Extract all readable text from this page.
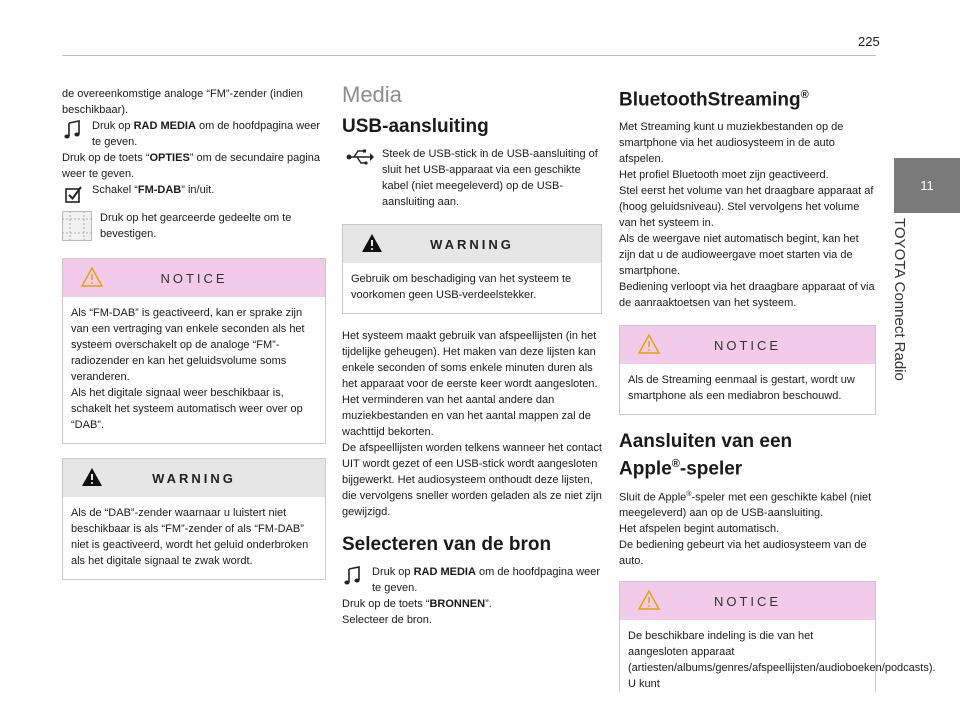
225
11
TOYOTA Connect Radio

de overeenkomstige analoge “FM”-zender (indien beschikbaar).

Druk op RAD MEDIA om de hoofdpagina weer te geven.

Druk op de toets “OPTIES” om de secundaire pagina weer te geven.

Schakel “FM-DAB” in/uit.

Druk op het gearceerde gedeelte om te bevestigen.

NOTICE

Als “FM-DAB” is geactiveerd, kan er sprake zijn van een vertraging van enkele seconden als het systeem overschakelt op de analoge “FM”-radiozender en kan het geluidsvolume soms veranderen.

Als het digitale signaal weer beschikbaar is, schakelt het systeem automatisch weer over op “DAB”.

WARNING

Als de “DAB”-zender waarnaar u luistert niet beschikbaar is als “FM”-zender of als “FM-DAB” niet is geactiveerd, wordt het geluid onderbroken als het digitale signaal te zwak wordt.

Media
USB-aansluiting

Steek de USB-stick in de USB-aansluiting of sluit het USB-apparaat via een geschikte kabel (niet meegeleverd) op de USB-aansluiting aan.

WARNING

Gebruik om beschadiging van het systeem te voorkomen geen USB-verdeelstekker.

Het systeem maakt gebruik van afspeellijsten (in het tijdelijke geheugen). Het maken van deze lijsten kan enkele seconden of soms enkele minuten duren als het apparaat voor de eerste keer wordt aangesloten.

Het verminderen van het aantal andere dan muziekbestanden en van het aantal mappen zal de wachttijd bekorten.

De afspeellijsten worden telkens wanneer het contact UIT wordt gezet of een USB-stick wordt aangesloten bijgewerkt. Het audiosysteem onthoudt deze lijsten, die vervolgens sneller worden geladen als ze niet zijn gewijzigd.

Selecteren van de bron

Druk op RAD MEDIA om de hoofdpagina weer te geven.

Druk op de toets “BRONNEN”.

Selecteer de bron.

BluetoothStreaming®

Met Streaming kunt u muziekbestanden op de smartphone via het audiosysteem in de auto afspelen.

Het profiel Bluetooth moet zijn geactiveerd.

Stel eerst het volume van het draagbare apparaat af (hoog geluidsniveau). Stel vervolgens het volume van het systeem in.

Als de weergave niet automatisch begint, kan het zijn dat u de audioweergave moet starten via de smartphone.

Bediening verloopt via het draagbare apparaat of via de aanraaktoetsen van het systeem.

NOTICE

Als de Streaming eenmaal is gestart, wordt uw smartphone als een mediabron beschouwd.

Aansluiten van een
Apple®-speler

Sluit de Apple®-speler met een geschikte kabel (niet meegeleverd) aan op de USB-aansluiting.

Het afspelen begint automatisch.

De bediening gebeurt via het audiosysteem van de auto.

NOTICE

De beschikbare indeling is die van het aangesloten apparaat (artiesten/albums/genres/afspeellijsten/audioboeken/podcasts). U kunt
